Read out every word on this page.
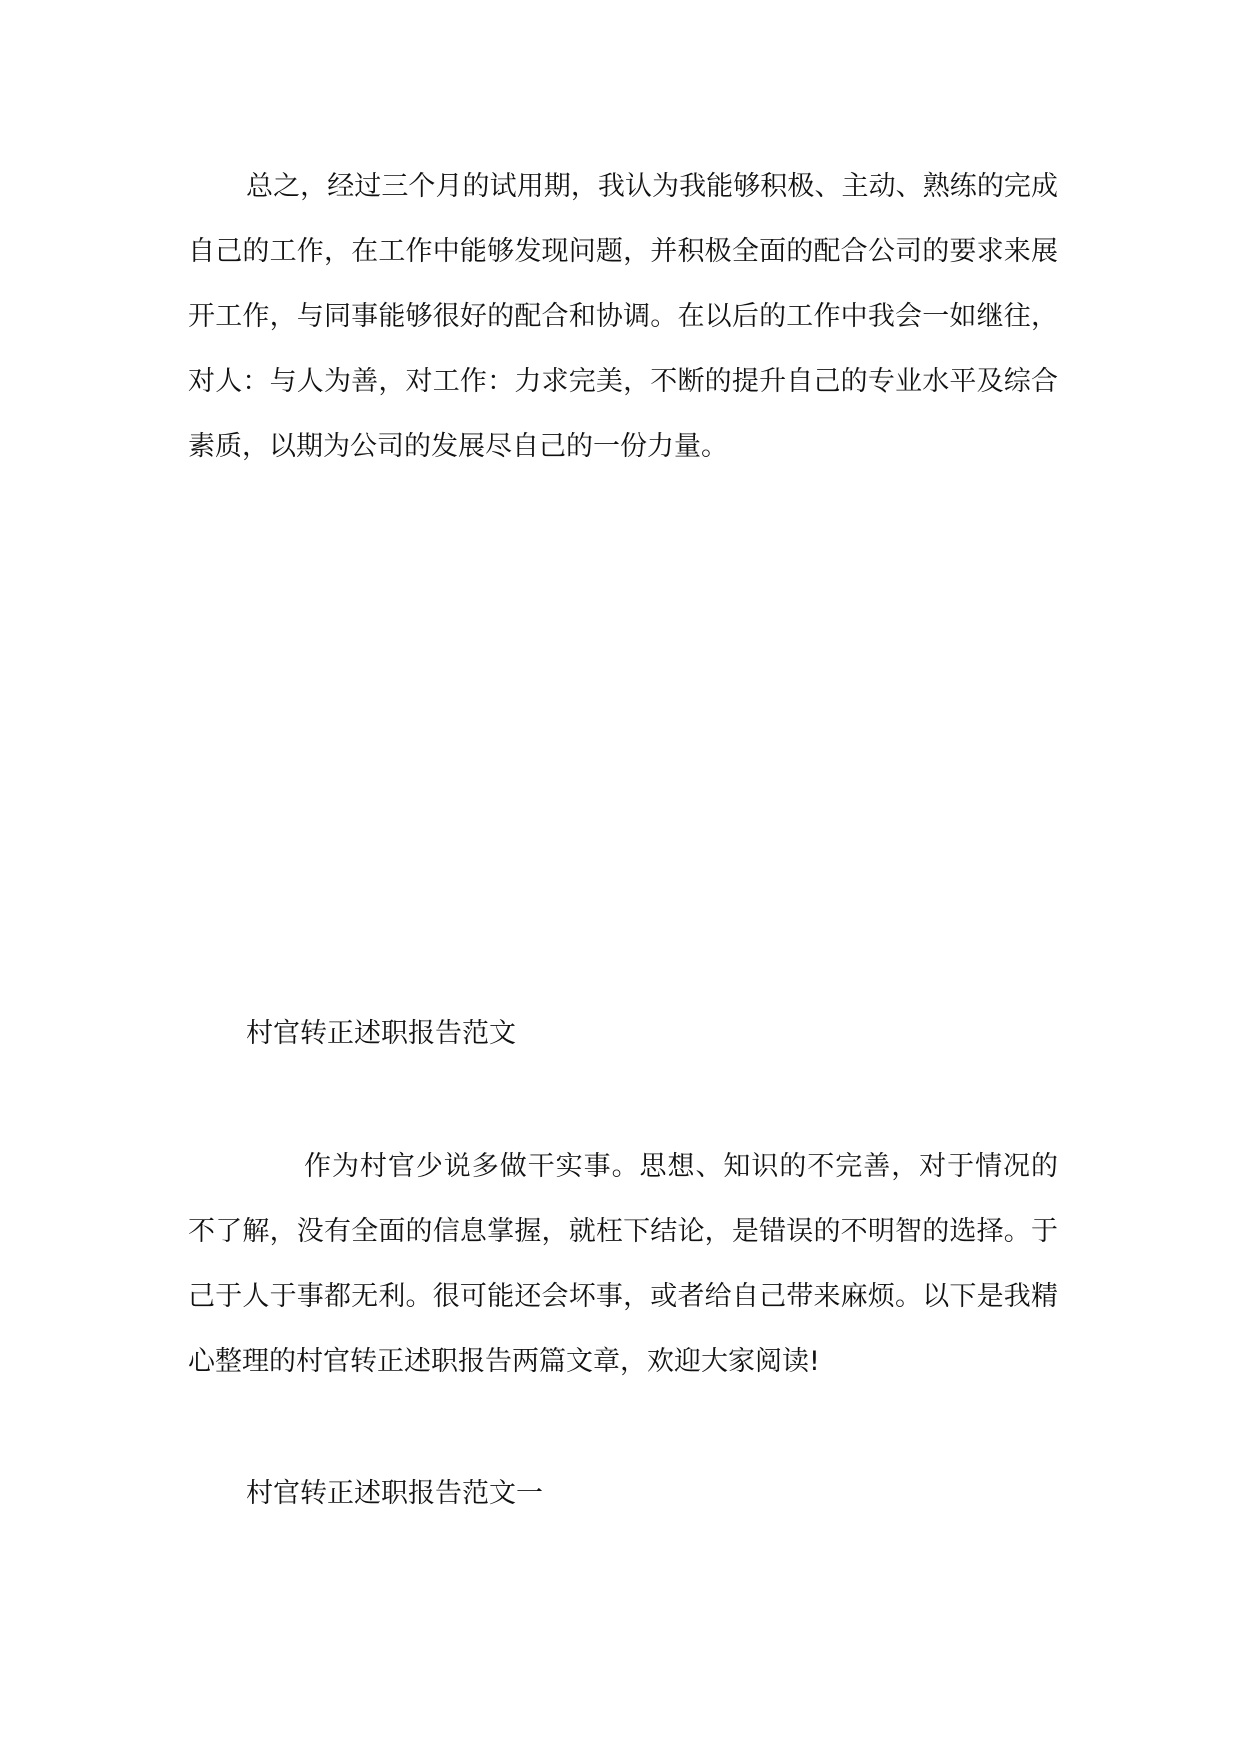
总之，经过三个月的试用期，我认为我能够积极、主动、熟练的完成自己的工作，在工作中能够发现问题，并积极全面的配合公司的要求来展开工作，与同事能够很好的配合和协调。在以后的工作中我会一如继往，对人：与人为善，对工作：力求完美，不断的提升自己的专业水平及综合素质，以期为公司的发展尽自己的一份力量。

村官转正述职报告范文

作为村官少说多做干实事。思想、知识的不完善，对于情况的不了解，没有全面的信息掌握，就枉下结论，是错误的不明智的选择。于己于人于事都无利。很可能还会坏事，或者给自己带来麻烦。以下是我精心整理的村官转正述职报告两篇文章，欢迎大家阅读!

村官转正述职报告范文一
